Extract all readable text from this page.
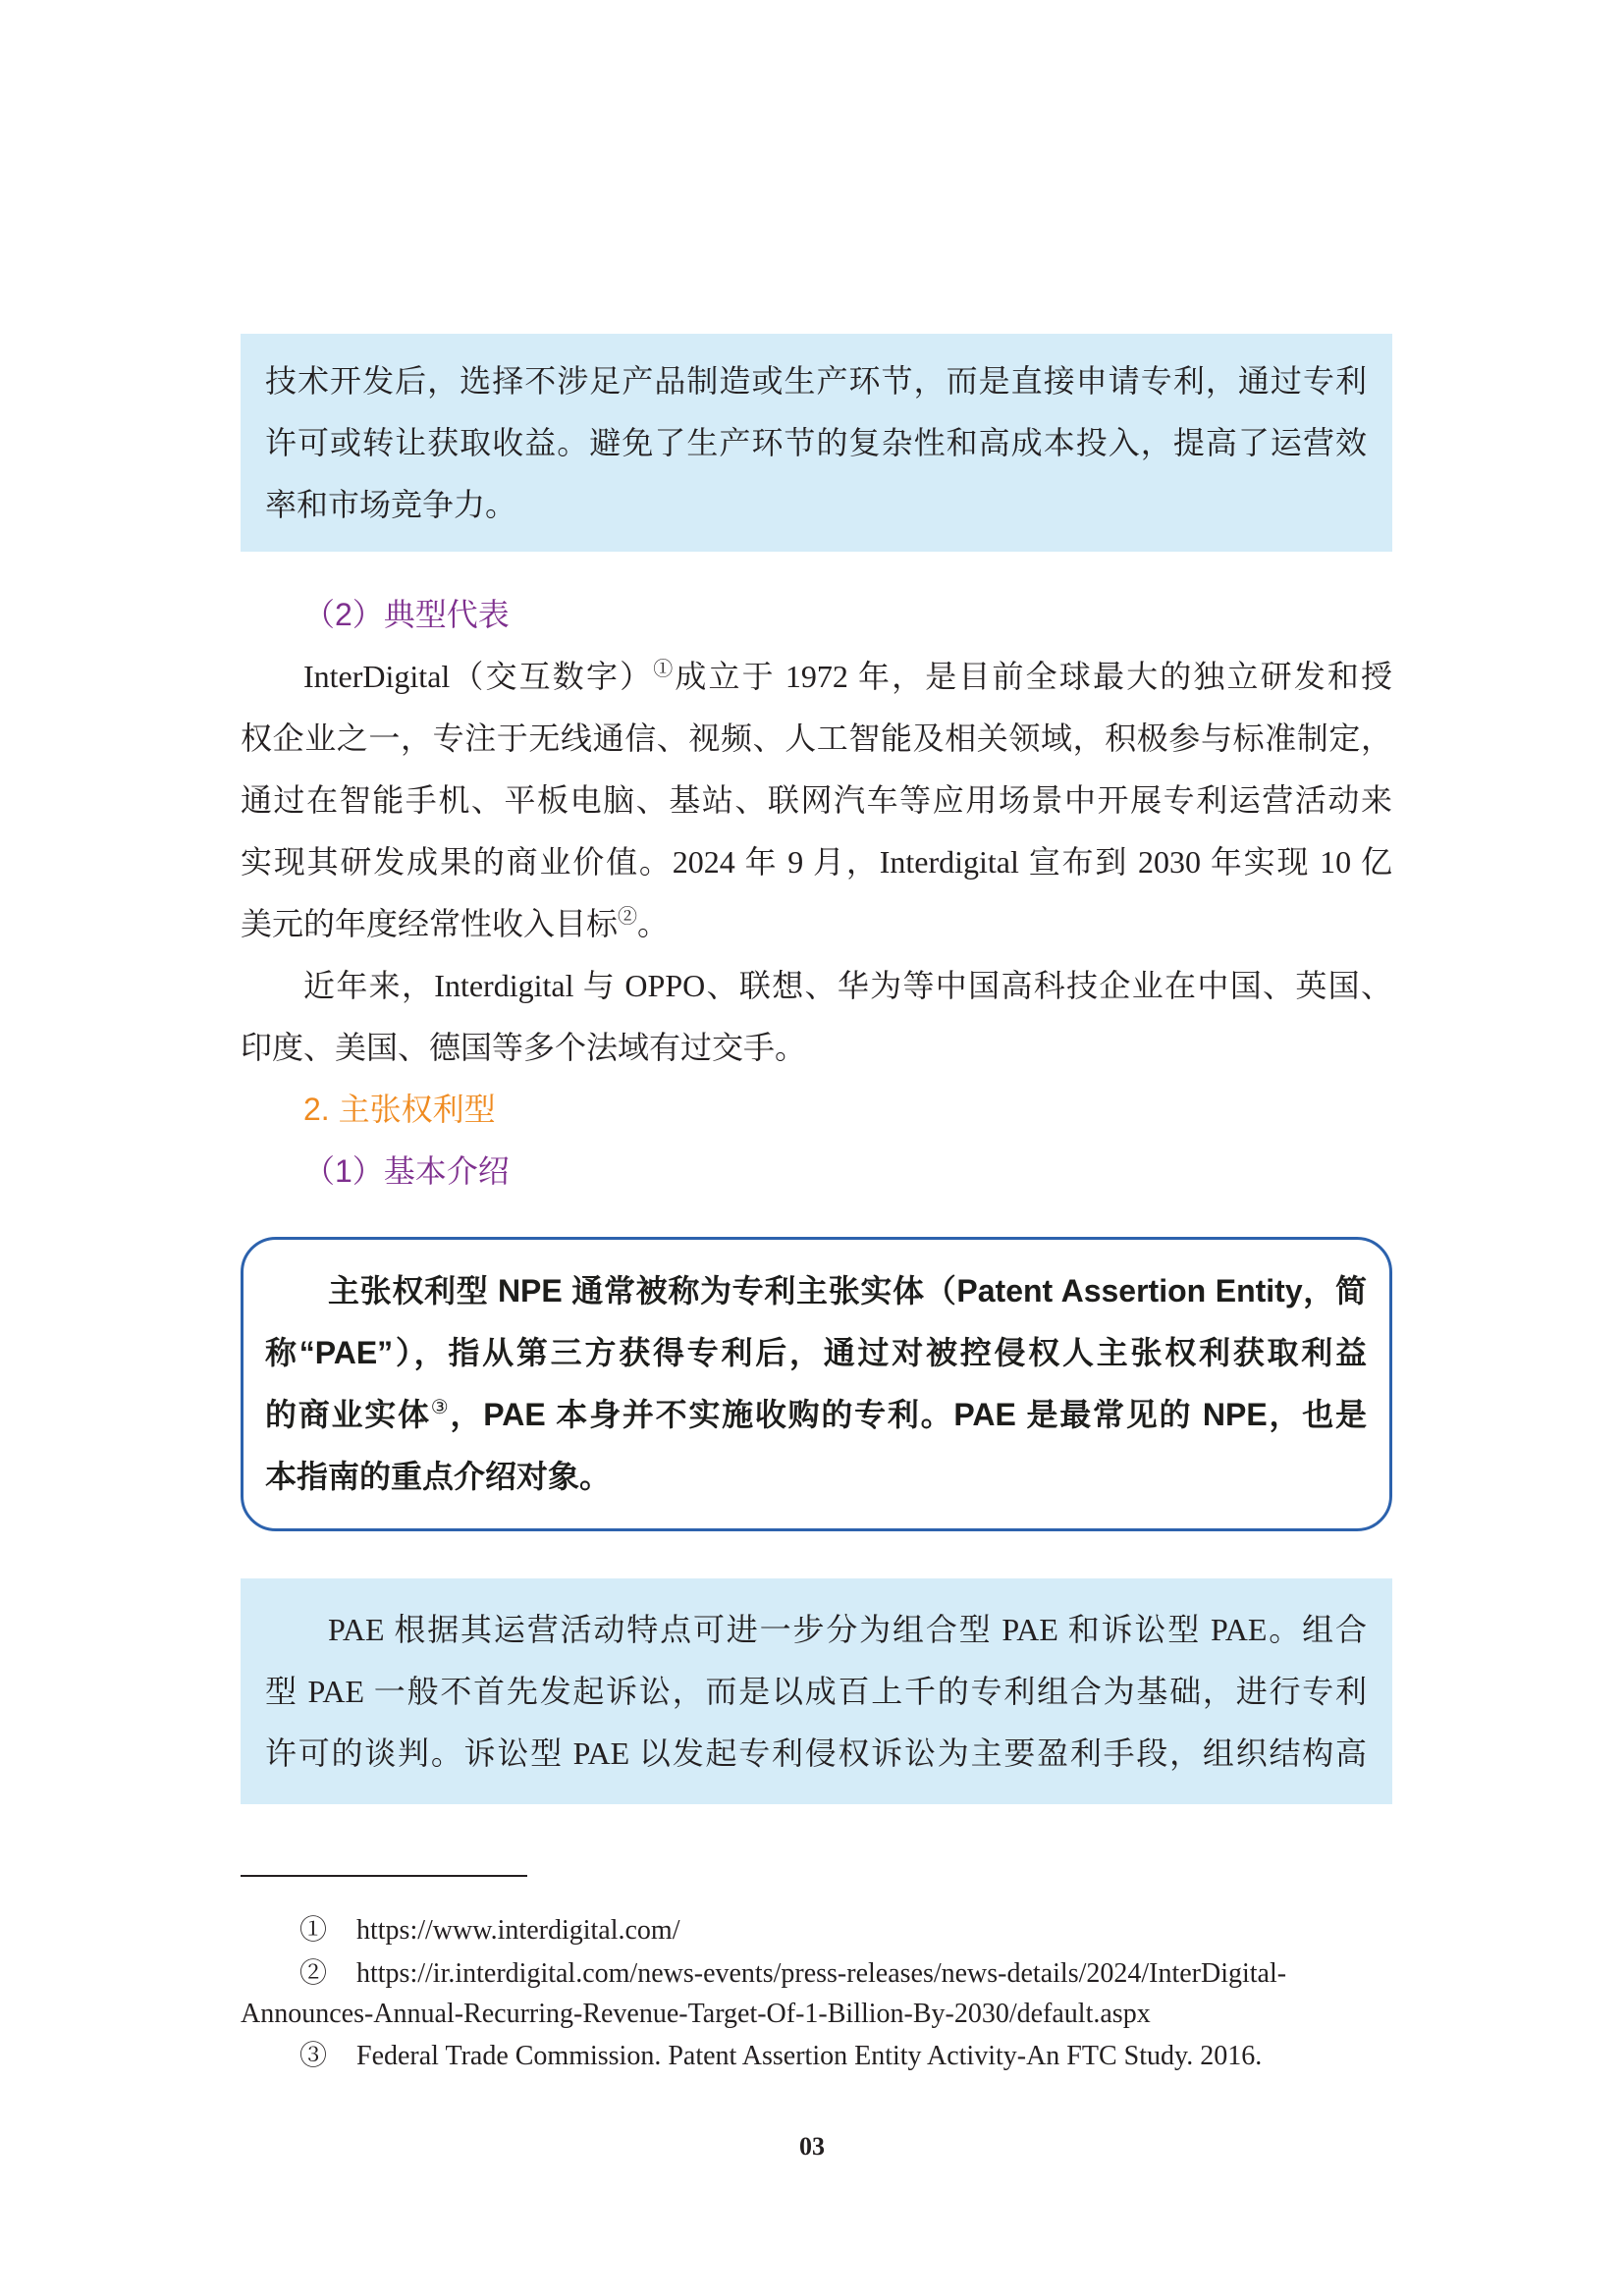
技术开发后，选择不涉足产品制造或生产环节，而是直接申请专利，通过专利
许可或转让获取收益。避免了生产环节的复杂性和高成本投入，提高了运营效
率和市场竞争力。
（2）典型代表
InterDigital（交互数字）①成立于 1972 年，是目前全球最大的独立研发和授
权企业之一，专注于无线通信、视频、人工智能及相关领域，积极参与标准制定，
通过在智能手机、平板电脑、基站、联网汽车等应用场景中开展专利运营活动来
实现其研发成果的商业价值。2024 年 9 月，Interdigital 宣布到 2030 年实现 10 亿
美元的年度经常性收入目标②。
近年来，Interdigital 与 OPPO、联想、华为等中国高科技企业在中国、英国、
印度、美国、德国等多个法域有过交手。
2. 主张权利型
（1）基本介绍
主张权利型 NPE 通常被称为专利主张实体（Patent Assertion Entity，简
称“PAE”），指从第三方获得专利后，通过对被控侵权人主张权利获取利益
的商业实体③，PAE 本身并不实施收购的专利。PAE 是最常见的 NPE，也是
本指南的重点介绍对象。
PAE 根据其运营活动特点可进一步分为组合型 PAE 和诉讼型 PAE。组合
型 PAE 一般不首先发起诉讼，而是以成百上千的专利组合为基础，进行专利
许可的谈判。诉讼型 PAE 以发起专利侵权诉讼为主要盈利手段，组织结构高
① https://www.interdigital.com/
② https://ir.interdigital.com/news-events/press-releases/news-details/2024/InterDigital-
Announces-Annual-Recurring-Revenue-Target-Of-1-Billion-By-2030/default.aspx
③ Federal Trade Commission. Patent Assertion Entity Activity-An FTC Study. 2016.
03
